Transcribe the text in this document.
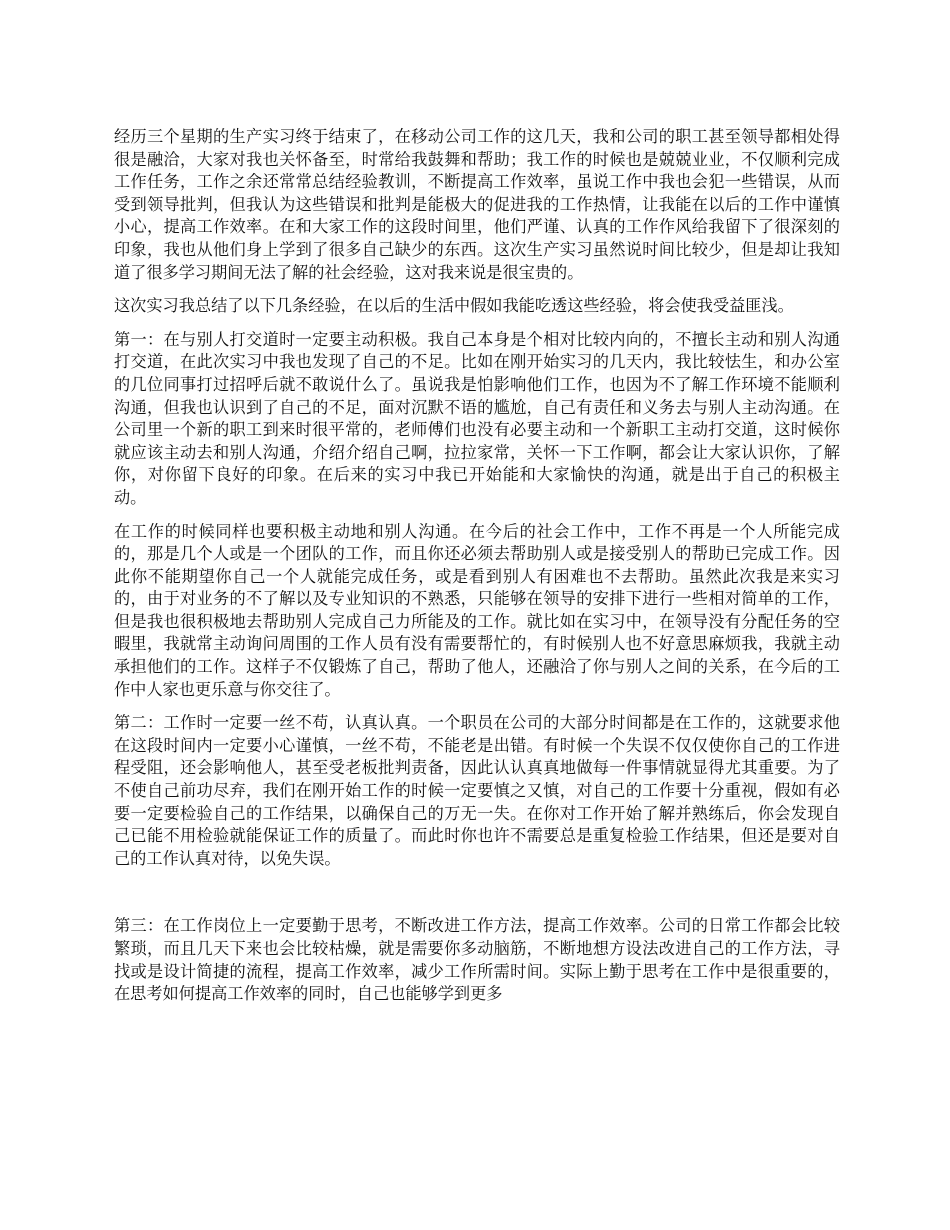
经历三个星期的生产实习终于结束了，在移动公司工作的这几天，我和公司的职工甚至领导都相处得很是融洽，大家对我也关怀备至，时常给我鼓舞和帮助；我工作的时候也是兢兢业业，不仅顺利完成工作任务，工作之余还常常总结经验教训，不断提高工作效率，虽说工作中我也会犯一些错误，从而受到领导批判，但我认为这些错误和批判是能极大的促进我的工作热情，让我能在以后的工作中谨慎小心，提高工作效率。在和大家工作的这段时间里，他们严谨、认真的工作作风给我留下了很深刻的印象，我也从他们身上学到了很多自己缺少的东西。这次生产实习虽然说时间比较少，但是却让我知道了很多学习期间无法了解的社会经验，这对我来说是很宝贵的。

这次实习我总结了以下几条经验，在以后的生活中假如我能吃透这些经验，将会使我受益匪浅。

第一：在与别人打交道时一定要主动积极。我自己本身是个相对比较内向的，不擅长主动和别人沟通打交道，在此次实习中我也发现了自己的不足。比如在刚开始实习的几天内，我比较怯生，和办公室的几位同事打过招呼后就不敢说什么了。虽说我是怕影响他们工作，也因为不了解工作环境不能顺利沟通，但我也认识到了自己的不足，面对沉默不语的尴尬，自己有责任和义务去与别人主动沟通。在公司里一个新的职工到来时很平常的，老师傅们也没有必要主动和一个新职工主动打交道，这时候你就应该主动去和别人沟通，介绍介绍自己啊，拉拉家常，关怀一下工作啊，都会让大家认识你，了解你，对你留下良好的印象。在后来的实习中我已开始能和大家愉快的沟通，就是出于自己的积极主动。

在工作的时候同样也要积极主动地和别人沟通。在今后的社会工作中，工作不再是一个人所能完成的，那是几个人或是一个团队的工作，而且你还必须去帮助别人或是接受别人的帮助已完成工作。因此你不能期望你自己一个人就能完成任务，或是看到别人有困难也不去帮助。虽然此次我是来实习的，由于对业务的不了解以及专业知识的不熟悉，只能够在领导的安排下进行一些相对简单的工作，但是我也很积极地去帮助别人完成自己力所能及的工作。就比如在实习中，在领导没有分配任务的空暇里，我就常主动询问周围的工作人员有没有需要帮忙的，有时候别人也不好意思麻烦我，我就主动承担他们的工作。这样子不仅锻炼了自己，帮助了他人，还融洽了你与别人之间的关系，在今后的工作中人家也更乐意与你交往了。

第二：工作时一定要一丝不苟，认真认真。一个职员在公司的大部分时间都是在工作的，这就要求他在这段时间内一定要小心谨慎，一丝不苟，不能老是出错。有时候一个失误不仅仅使你自己的工作进程受阻，还会影响他人，甚至受老板批判责备，因此认认真真地做每一件事情就显得尤其重要。为了不使自己前功尽弃，我们在刚开始工作的时候一定要慎之又慎，对自己的工作要十分重视，假如有必要一定要检验自己的工作结果，以确保自己的万无一失。在你对工作开始了解并熟练后，你会发现自己已能不用检验就能保证工作的质量了。而此时你也许不需要总是重复检验工作结果，但还是要对自己的工作认真对待，以免失误。

第三：在工作岗位上一定要勤于思考，不断改进工作方法，提高工作效率。公司的日常工作都会比较繁琐，而且几天下来也会比较枯燥，就是需要你多动脑筋，不断地想方设法改进自己的工作方法，寻找或是设计简捷的流程，提高工作效率，减少工作所需时间。实际上勤于思考在工作中是很重要的，在思考如何提高工作效率的同时，自己也能够学到更多
